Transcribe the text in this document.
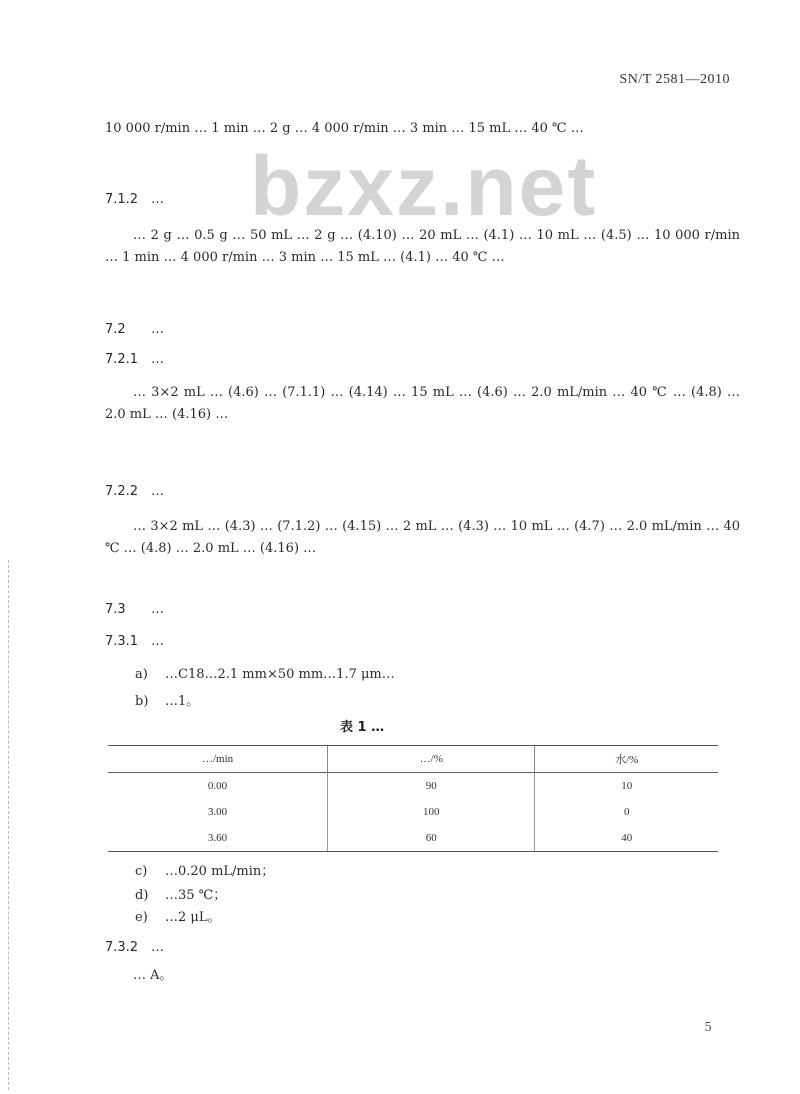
SN/T 2581—2010
bzxz.net
10 000 r/min … 1 min … 2 g … 4 000 r/min … 3 min … 15 mL … 40 ℃ …
7.1.2 …
… 2 g … 0.5 g … 50 mL … 2 g … (4.10) … 20 mL … (4.1) … 10 mL … (4.5) … 10 000 r/min … 1 min … 4 000 r/min … 3 min … 15 mL … (4.1) … 40 ℃ …
7.2 …
7.2.1 …
… 3×2 mL … (4.6) … (7.1.1) … (4.14) … 15 mL … (4.6) … 2.0 mL/min … 40 ℃ … (4.8) … 2.0 mL … (4.16) …
7.2.2 …
… 3×2 mL … (4.3) … (7.1.2) … (4.15) … 2 mL … (4.3) … 10 mL … (4.7) … 2.0 mL/min … 40 ℃ … (4.8) … 2.0 mL … (4.16) …
7.3 …
7.3.1 …
a) …C18…2.1 mm×50 mm…1.7 μm…
b) …1。
表 1 …
…/min	…/%	水/%
0.00	90	10
3.00	100	0
3.60	60	40
c) …0.20 mL/min；
d) …35 ℃；
e) …2 μL。
7.3.2 …
… A。
5
